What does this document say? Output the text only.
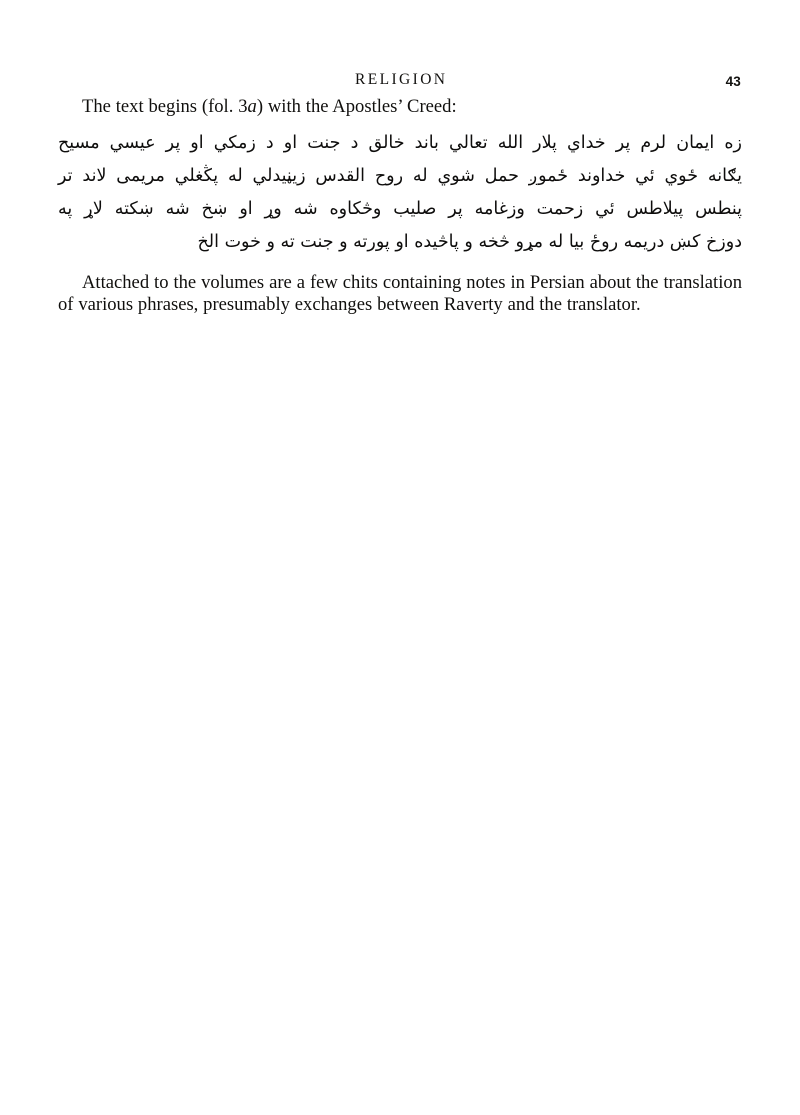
RELIGION	43

The text begins (fol. 3a) with the Apostles’ Creed:

زه ايمان لرم پر خداي پلار الله تعالي باند خالق د جنت او د زمکي او پر عيسي مسيح
يګانه ځوي ئي خداوند ځموږ حمل شوي له روح القدس زيڼيدلي له پڭغلي مريمى لاند تر
پنطس پيلاطس ئي زحمت وزغامه پر صليب وڅکاوه شه وړ او ښخ شه ښکته لاړ په
دوزخ کښ دريمه روځ بيا له مړو څخه و پاڅيده او پورته و جنت ته و خوت الخ

Attached to the volumes are a few chits containing notes in Persian about the translation of various phrases, presumably exchanges between Raverty and the translator.
